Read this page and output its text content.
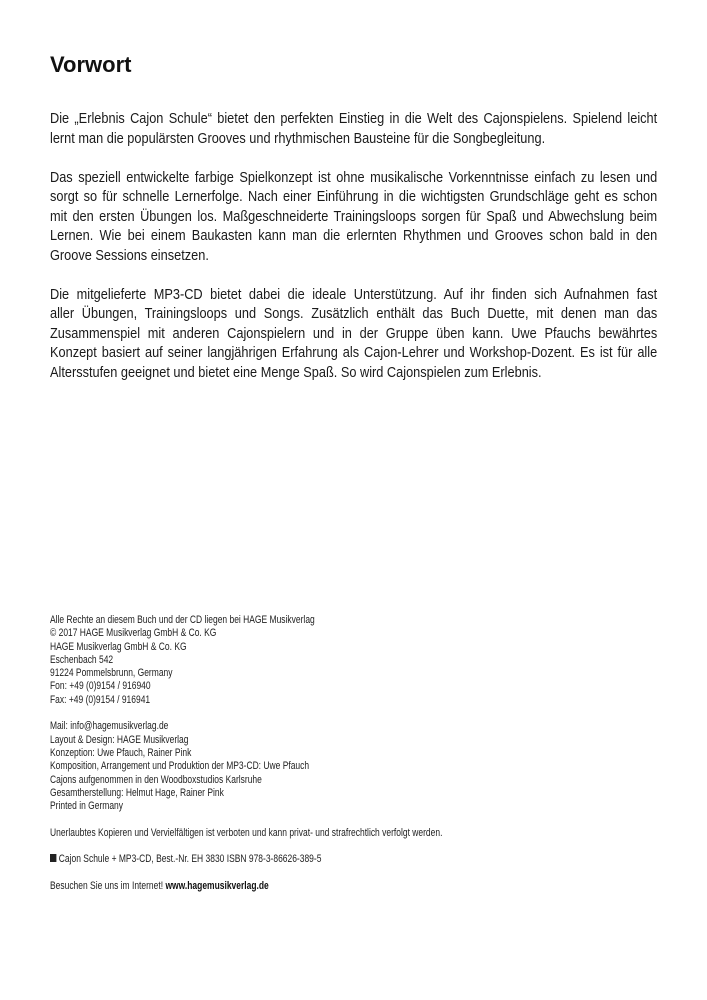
Vorwort
Die „Erlebnis Cajon Schule“ bietet den perfekten Einstieg in die Welt des Cajonspielens. Spielend leicht
lernt man die populärsten Grooves und rhythmischen Bausteine für die Songbegleitung.
Das speziell entwickelte farbige Spielkonzept ist ohne musikalische Vorkenntnisse einfach zu lesen und
sorgt so für schnelle Lernerfolge. Nach einer Einführung in die wichtigsten Grundschläge geht es schon
mit den ersten Übungen los. Maßgeschneiderte Trainingsloops sorgen für Spaß und Abwechslung beim
Lernen. Wie bei einem Baukasten kann man die erlernten Rhythmen und Grooves schon bald in den
Groove Sessions einsetzen.
Die mitgelieferte MP3-CD bietet dabei die ideale Unterstützung. Auf ihr finden sich Aufnahmen fast
aller Übungen, Trainingsloops und Songs. Zusätzlich enthält das Buch Duette, mit denen man das
Zusammenspiel mit anderen Cajonspielern und in der Gruppe üben kann. Uwe Pfauchs bewährtes
Konzept basiert auf seiner langjährigen Erfahrung als Cajon-Lehrer und Workshop-Dozent. Es ist für alle
Altersstufen geeignet und bietet eine Menge Spaß. So wird Cajonspielen zum Erlebnis.
Alle Rechte an diesem Buch und der CD liegen bei HAGE Musikverlag
© 2017 HAGE Musikverlag GmbH & Co. KG
HAGE Musikverlag GmbH & Co. KG
Eschenbach 542
91224 Pommelsbrunn, Germany
Fon: +49 (0)9154 / 916940
Fax: +49 (0)9154 / 916941
Mail: info@hagemusikverlag.de
Layout & Design: HAGE Musikverlag
Konzeption: Uwe Pfauch, Rainer Pink
Komposition, Arrangement und Produktion der MP3-CD: Uwe Pfauch
Cajons aufgenommen in den Woodboxstudios Karlsruhe
Gesamtherstellung: Helmut Hage, Rainer Pink
Printed in Germany
Unerlaubtes Kopieren und Vervielfältigen ist verboten und kann privat- und strafrechtlich verfolgt werden.
Cajon Schule + MP3-CD, Best.-Nr. EH 3830 ISBN 978-3-86626-389-5
Besuchen Sie uns im Internet! www.hagemusikverlag.de
